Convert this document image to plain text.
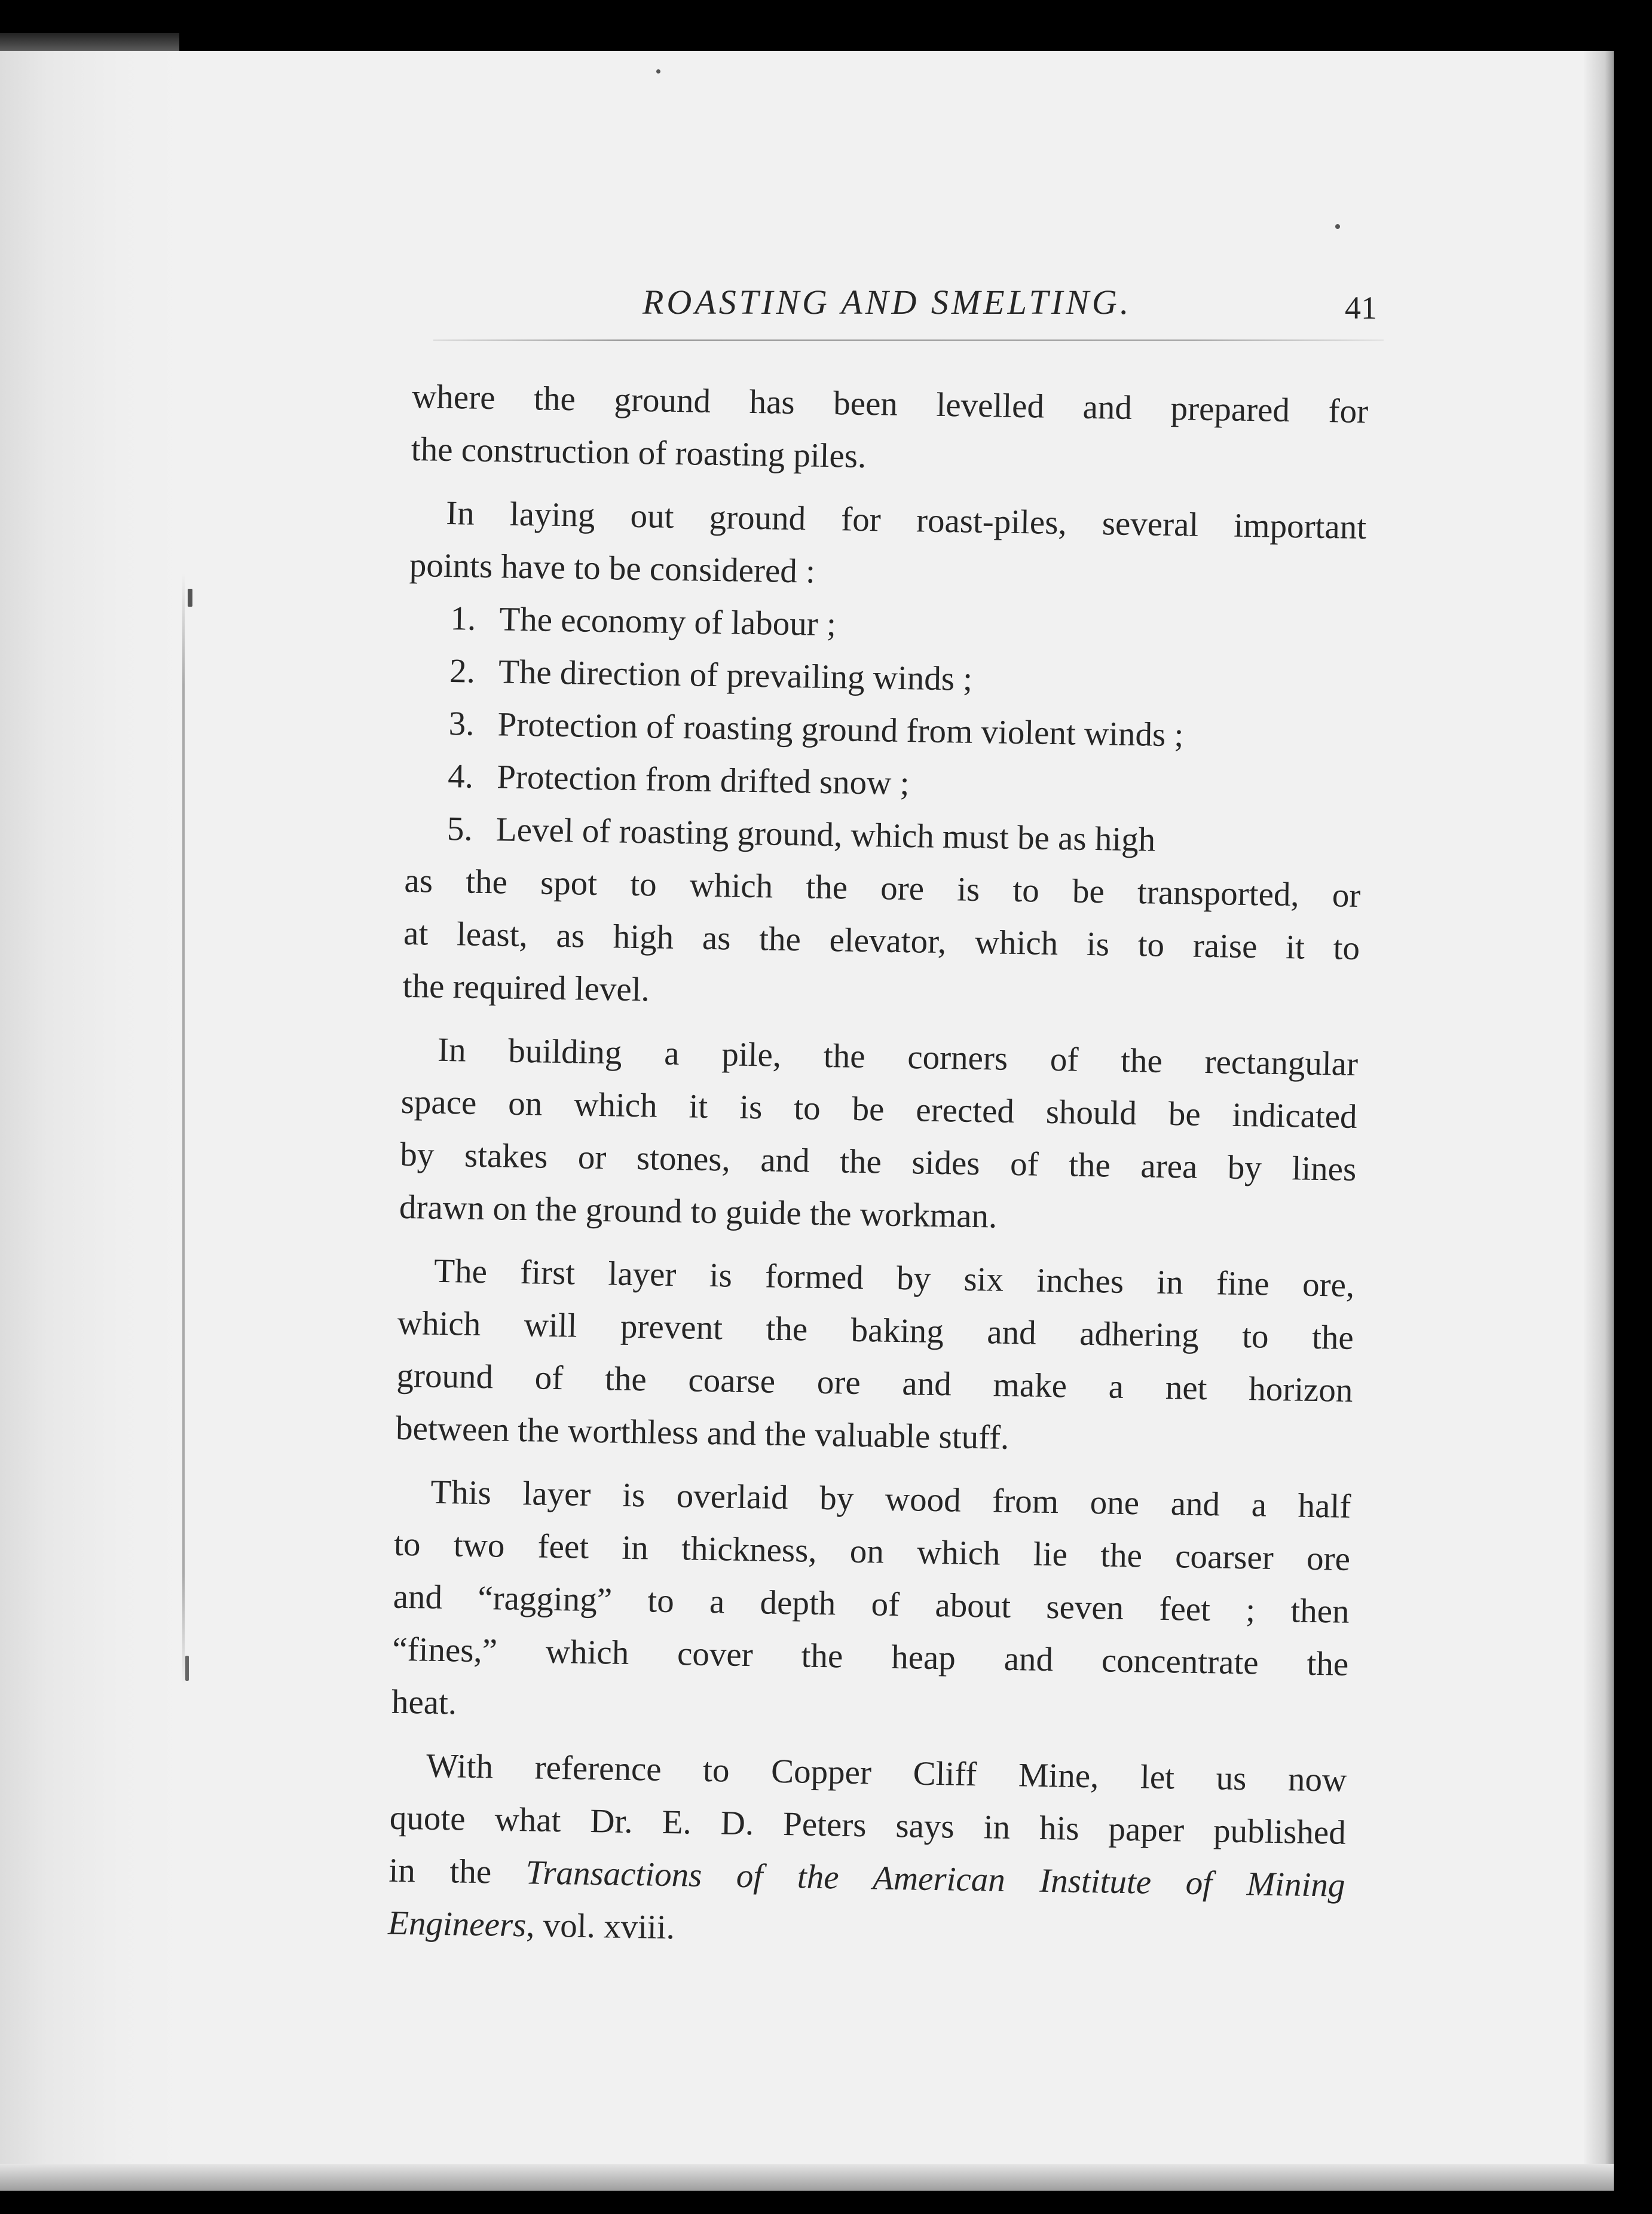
ROASTING AND SMELTING.	41
where the ground has been levelled and prepared for
the construction of roasting piles.
In laying out ground for roast-piles, several important
points have to be considered :
1. The economy of labour ;
2. The direction of prevailing winds ;
3. Protection of roasting ground from violent winds ;
4. Protection from drifted snow ;
5. Level of roasting ground, which must be as high
as the spot to which the ore is to be transported, or
at least, as high as the elevator, which is to raise it to
the required level.
In building a pile, the corners of the rectangular
space on which it is to be erected should be indicated
by stakes or stones, and the sides of the area by lines
drawn on the ground to guide the workman.
The first layer is formed by six inches in fine ore,
which will prevent the baking and adhering to the
ground of the coarse ore and make a net horizon
between the worthless and the valuable stuff.
This layer is overlaid by wood from one and a half
to two feet in thickness, on which lie the coarser ore
and “ragging” to a depth of about seven feet ; then
“fines,” which cover the heap and concentrate the
heat.
With reference to Copper Cliff Mine, let us now
quote what Dr. E. D. Peters says in his paper published
in the Transactions of the American Institute of Mining
Engineers, vol. xviii.
